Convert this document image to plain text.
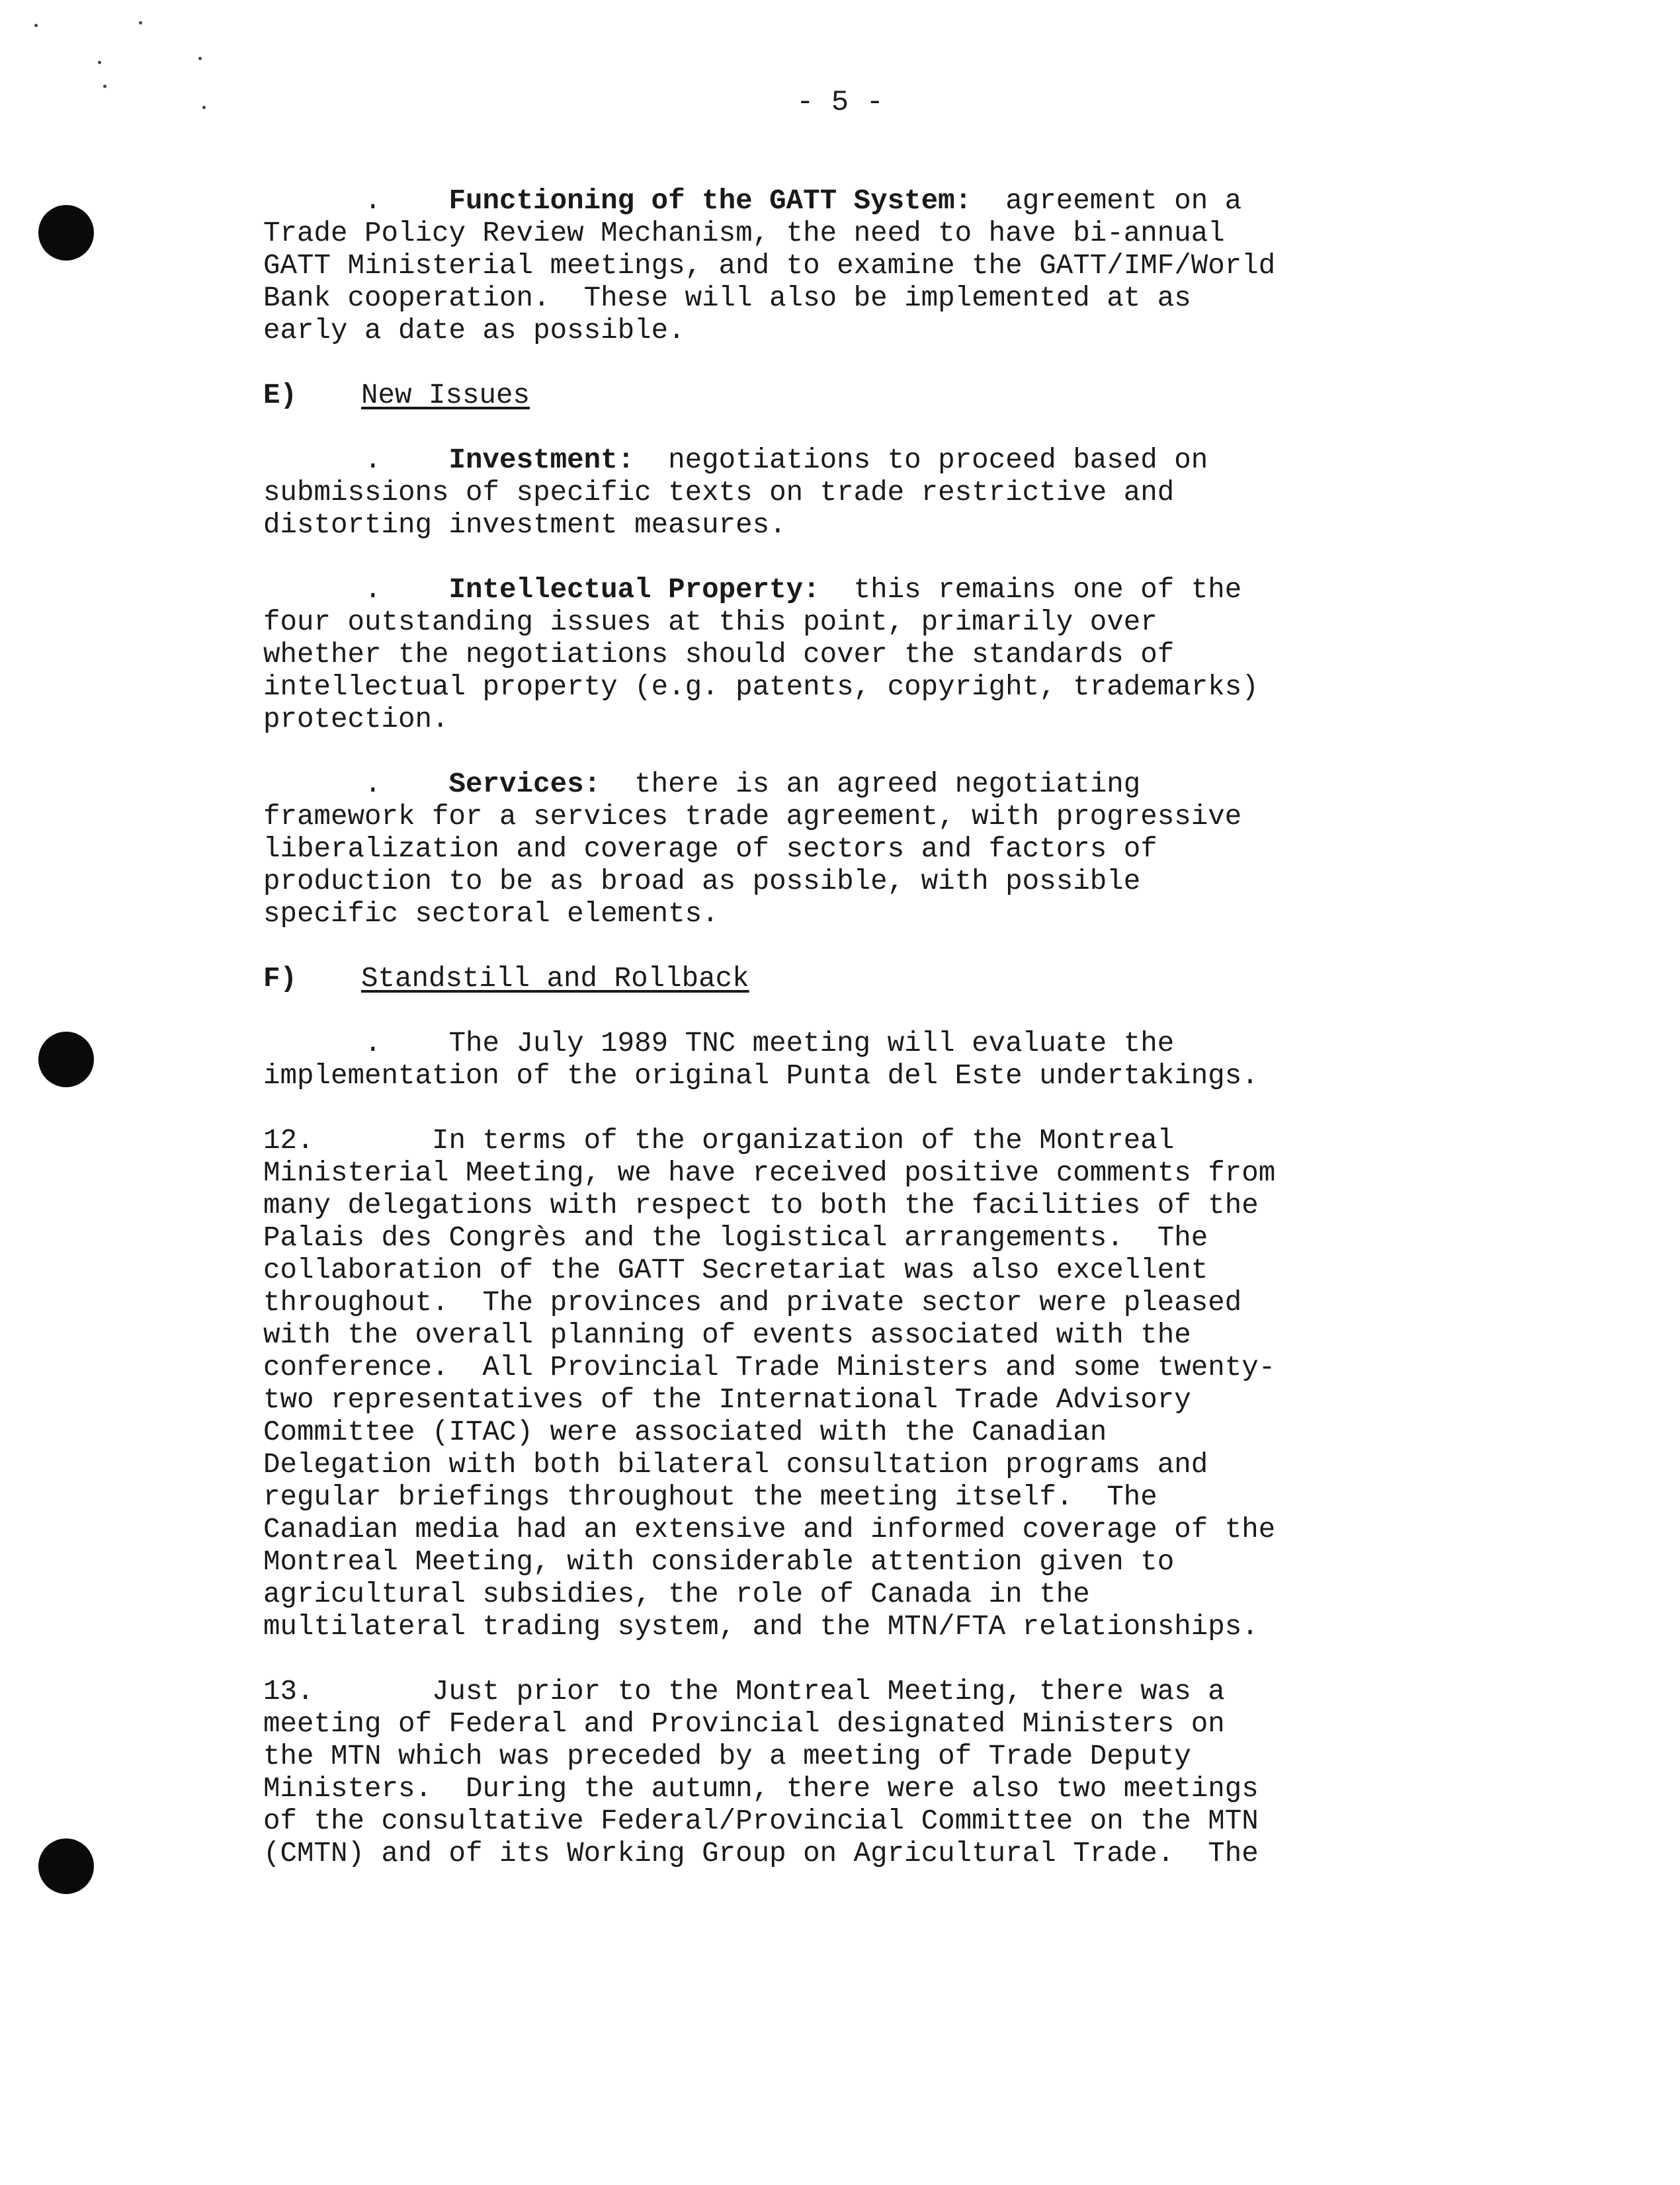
- 5 -

.    Functioning of the GATT System: agreement on a

Trade Policy Review Mechanism, the need to have bi-annual

GATT Ministerial meetings, and to examine the GATT/IMF/World

Bank cooperation.  These will also be implemented at as

early a date as possible.

E) New Issues

.    Investment: negotiations to proceed based on

submissions of specific texts on trade restrictive and

distorting investment measures.

.    Intellectual Property: this remains one of the

four outstanding issues at this point, primarily over

whether the negotiations should cover the standards of

intellectual property (e.g. patents, copyright, trademarks)

protection.

.    Services: there is an agreed negotiating

framework for a services trade agreement, with progressive

liberalization and coverage of sectors and factors of

production to be as broad as possible, with possible

specific sectoral elements.

F) Standstill and Rollback

.    The July 1989 TNC meeting will evaluate the

implementation of the original Punta del Este undertakings.

12.	In terms of the organization of the Montreal

Ministerial Meeting, we have received positive comments from

many delegations with respect to both the facilities of the

Palais des Congrès and the logistical arrangements.  The

collaboration of the GATT Secretariat was also excellent

throughout.  The provinces and private sector were pleased

with the overall planning of events associated with the

conference.  All Provincial Trade Ministers and some twenty-

two representatives of the International Trade Advisory

Committee (ITAC) were associated with the Canadian

Delegation with both bilateral consultation programs and

regular briefings throughout the meeting itself.  The

Canadian media had an extensive and informed coverage of the

Montreal Meeting, with considerable attention given to

agricultural subsidies, the role of Canada in the

multilateral trading system, and the MTN/FTA relationships.

13.	Just prior to the Montreal Meeting, there was a

meeting of Federal and Provincial designated Ministers on

the MTN which was preceded by a meeting of Trade Deputy

Ministers.  During the autumn, there were also two meetings

of the consultative Federal/Provincial Committee on the MTN

(CMTN) and of its Working Group on Agricultural Trade.  The
